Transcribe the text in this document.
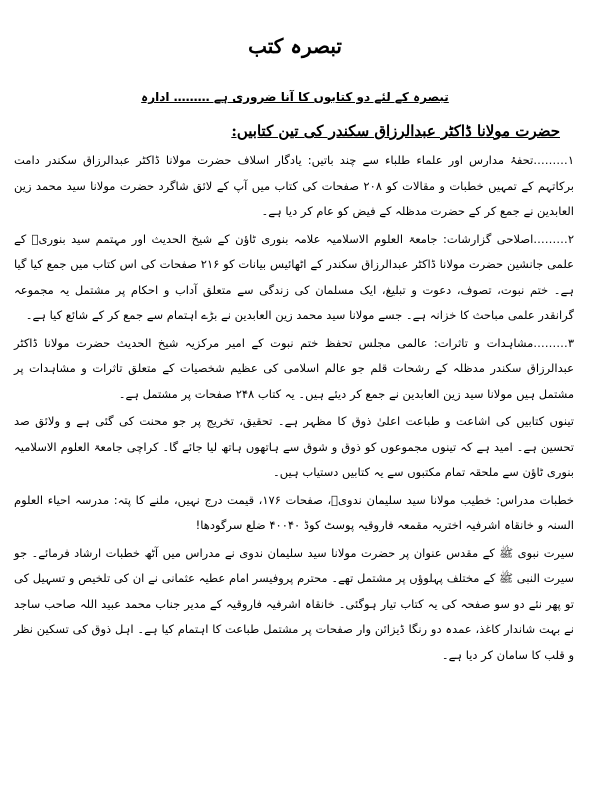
تبصرہ کتب
تبصرہ کے لئے دو کتابوں کا آنا ضروری ہے ……… ادارہ
حضرت مولانا ڈاکٹر عبدالرزاق سکندر کی تین کتابیں:

۱………تحفۂ مدارس اور علماء طلباء سے چند باتیں: یادگار اسلاف حضرت مولانا ڈاکٹر عبدالرزاق سکندر دامت برکاتہم کے تمہیں خطبات و مقالات کو ۲۰۸ صفحات کی کتاب میں آپ کے لائق شاگرد حضرت مولانا سید محمد زین العابدین نے جمع کر کے حضرت مدظلہ کے فیض کو عام کر دیا ہے۔

۲………اصلاحی گزارشات: جامعۃ العلوم الاسلامیہ علامہ بنوری ٹاؤن کے شیخ الحدیث اور مہتمم سید بنوریؒ کے علمی جانشین حضرت مولانا ڈاکٹر عبدالرزاق سکندر کے اٹھائیس بیانات کو ۲۱۶ صفحات کی اس کتاب میں جمع کیا گیا ہے۔ ختم نبوت، تصوف، دعوت و تبلیغ، ایک مسلمان کی زندگی سے متعلق آداب و احکام پر مشتمل یہ مجموعہ گرانقدر علمی مباحث کا خزانہ ہے۔ جسے مولانا سید محمد زین العابدین نے بڑے اہتمام سے جمع کر کے شائع کیا ہے۔

۳………مشاہدات و تاثرات: عالمی مجلس تحفظ ختم نبوت کے امیر مرکزیہ شیخ الحدیث حضرت مولانا ڈاکٹر عبدالرزاق سکندر مدظلہ کے رشحات قلم جو عالم اسلامی کی عظیم شخصیات کے متعلق تاثرات و مشاہدات پر مشتمل ہیں مولانا سید زین العابدین نے جمع کر دیئے ہیں۔ یہ کتاب ۲۴۸ صفحات پر مشتمل ہے۔

تینوں کتابیں کی اشاعت و طباعت اعلیٰ ذوق کا مظہر ہے۔ تحقیق، تخریج پر جو محنت کی گئی ہے و ولائق صد تحسین ہے۔ امید ہے کہ تینوں مجموعوں کو ذوق و شوق سے ہاتھوں ہاتھ لیا جائے گا۔ کراچی جامعۃ العلوم الاسلامیہ بنوری ٹاؤن سے ملحقہ تمام مکتبوں سے یہ کتابیں دستیاب ہیں۔

خطبات مدراس: خطیب مولانا سید سلیمان ندویؒ، صفحات ۱۷۶، قیمت درج نہیں، ملنے کا پتہ: مدرسہ احیاء العلوم السنہ و خانقاہ اشرفیہ اختریہ مقمعہ فاروقیہ پوسٹ کوڈ ۴۰۰۴۰ ضلع سرگودھا!

سیرت نبوی ﷺ کے مقدس عنوان پر حضرت مولانا سید سلیمان ندوی نے مدراس میں آٹھ خطبات ارشاد فرمائے۔ جو سیرت النبی ﷺ کے مختلف پہلوؤں پر مشتمل تھے۔ محترم پروفیسر امام عطیہ عثمانی نے ان کی تلخیص و تسہیل کی تو پھر نئے دو سو صفحہ کی یہ کتاب تیار ہوگئی۔ خانقاہ اشرفیہ فاروقیہ کے مدیر جناب محمد عبید اللہ صاحب ساجد نے بہت شاندار کاغذ، عمدہ دو رنگا ڈیزائن وار صفحات پر مشتمل طباعت کا اہتمام کیا ہے۔ اہل ذوق کی تسکین نظر و قلب کا سامان کر دیا ہے۔
